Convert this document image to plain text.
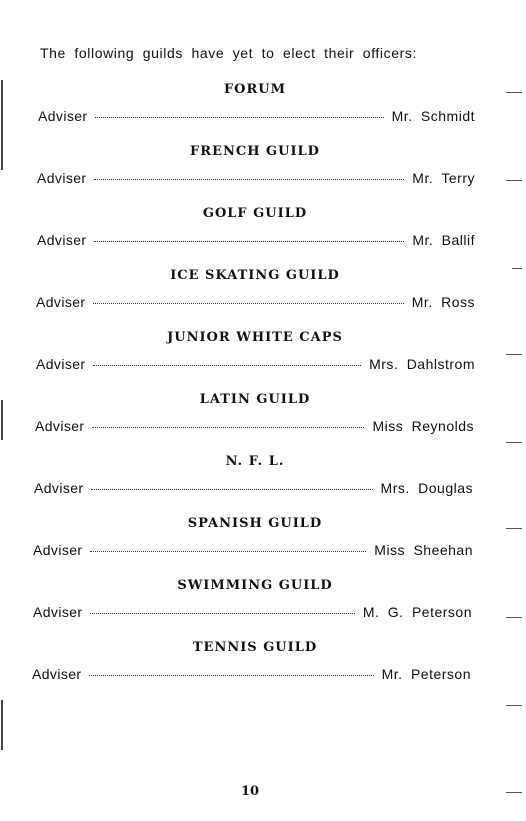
The following guilds have yet to elect their officers:
FORUM
Adviser	Mr. Schmidt
FRENCH GUILD
Adviser	Mr. Terry
GOLF GUILD
Adviser	Mr. Ballif
ICE SKATING GUILD
Adviser	Mr. Ross
JUNIOR WHITE CAPS
Adviser	Mrs. Dahlstrom
LATIN GUILD
Adviser	Miss Reynolds
N. F. L.
Adviser	Mrs. Douglas
SPANISH GUILD
Adviser	Miss Sheehan
SWIMMING GUILD
Adviser	M. G. Peterson
TENNIS GUILD
Adviser	Mr. Peterson
10
